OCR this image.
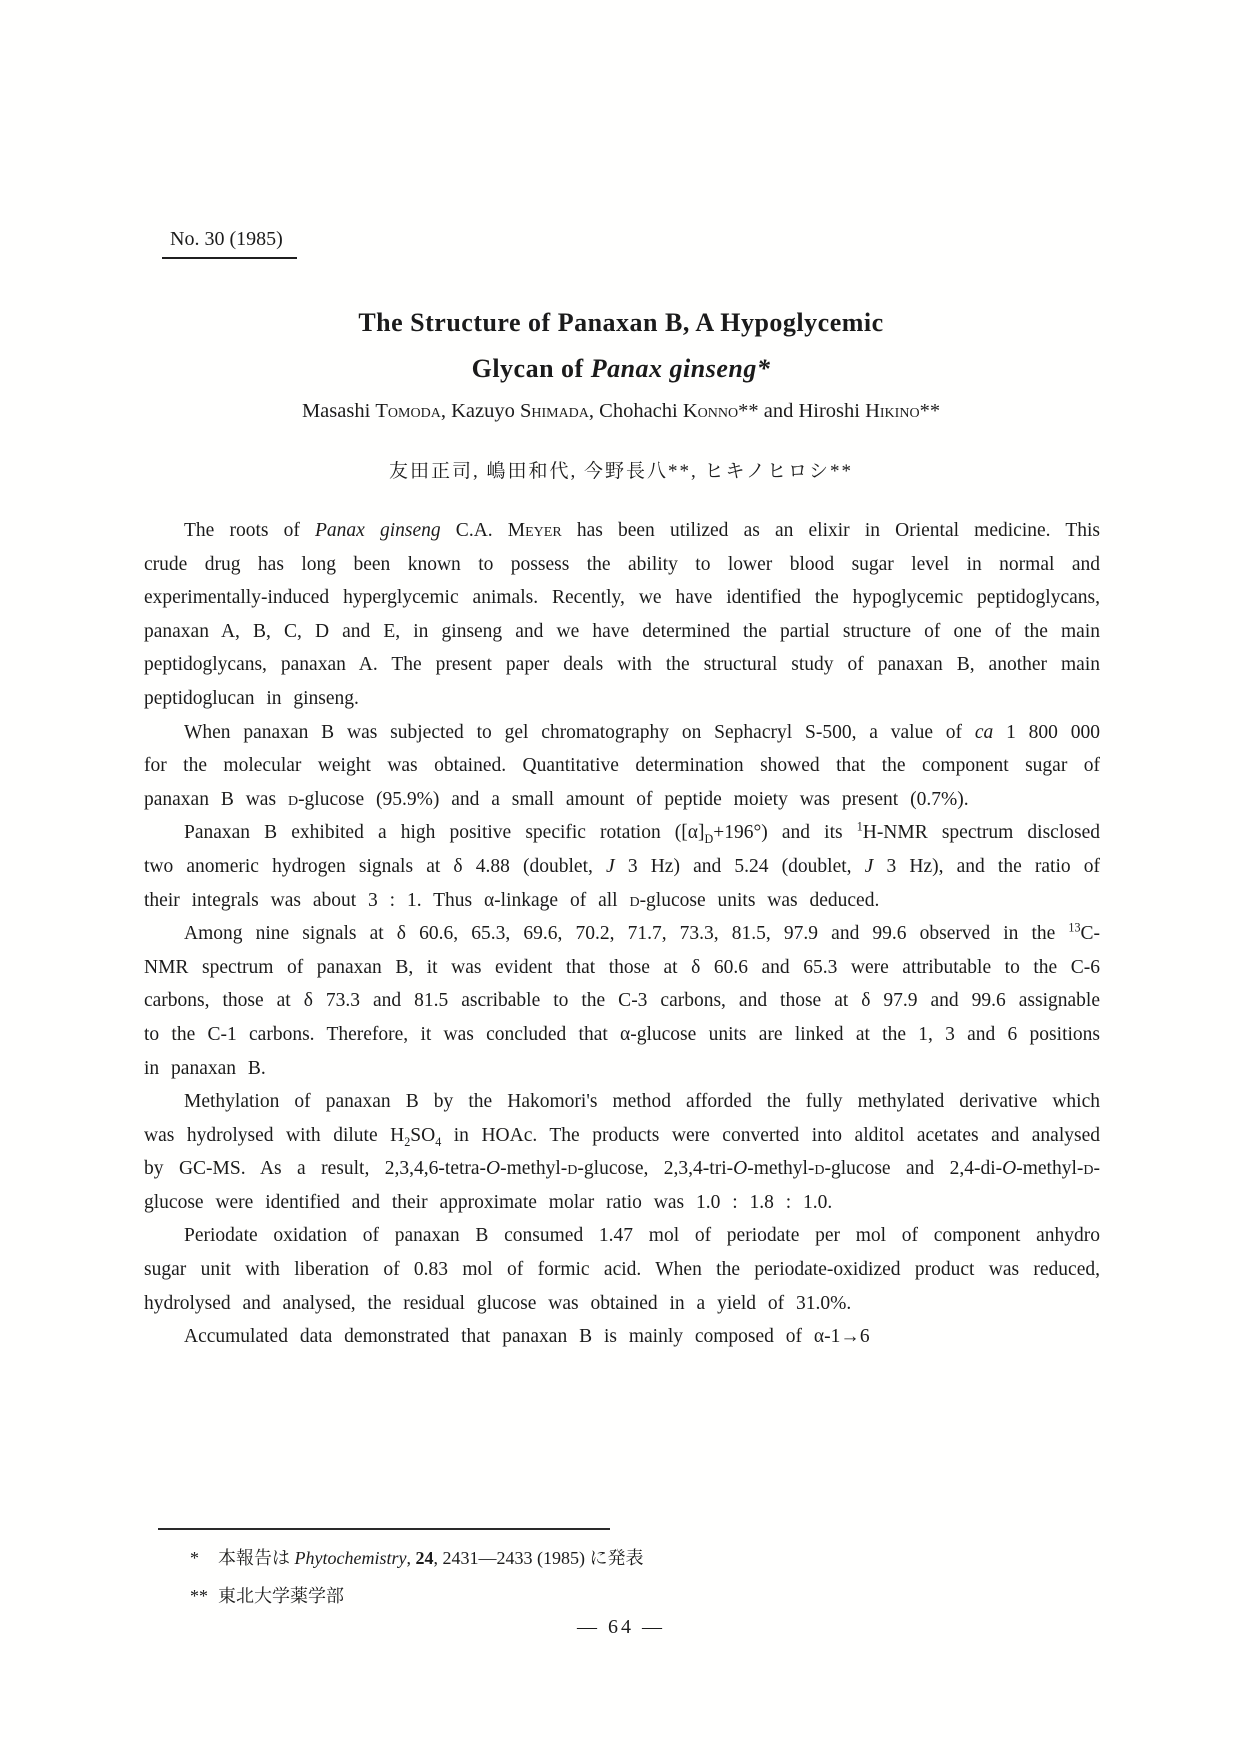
No. 30 (1985)
The Structure of Panaxan B, A Hypoglycemic
Glycan of Panax ginseng*
Masashi Tomoda, Kazuyo Shimada, Chohachi Konno** and Hiroshi Hikino**
友田正司, 嶋田和代, 今野長八**, ヒキノヒロシ**

The roots of Panax ginseng C.A. Meyer has been utilized as an elixir in Oriental medicine. This crude drug has long been known to possess the ability to lower blood sugar level in normal and experimentally-induced hyperglycemic animals. Recently, we have identified the hypoglycemic peptidoglycans, panaxan A, B, C, D and E, in ginseng and we have determined the partial structure of one of the main peptidoglycans, panaxan A. The present paper deals with the structural study of panaxan B, another main peptidoglucan in ginseng.

When panaxan B was subjected to gel chromatography on Sephacryl S-500, a value of ca 1 800 000 for the molecular weight was obtained. Quantitative determination showed that the component sugar of panaxan B was d-glucose (95.9%) and a small amount of peptide moiety was present (0.7%).

Panaxan B exhibited a high positive specific rotation $([\alpha]_D+196^\circ)$ and its $^1$H-NMR spectrum disclosed two anomeric hydrogen signals at δ 4.88 (doublet, J 3 Hz) and 5.24 (doublet, J 3 Hz), and the ratio of their integrals was about 3 : 1. Thus α-linkage of all d-glucose units was deduced.

Among nine signals at δ 60.6, 65.3, 69.6, 70.2, 71.7, 73.3, 81.5, 97.9 and 99.6 observed in the $^{13}$C-NMR spectrum of panaxan B, it was evident that those at δ 60.6 and 65.3 were attributable to the C-6 carbons, those at δ 73.3 and 81.5 ascribable to the C-3 carbons, and those at δ 97.9 and 99.6 assignable to the C-1 carbons. Therefore, it was concluded that α-glucose units are linked at the 1, 3 and 6 positions in panaxan B.

Methylation of panaxan B by the Hakomori's method afforded the fully methylated derivative which was hydrolysed with dilute $H_2SO_4$ in HOAc. The products were converted into alditol acetates and analysed by GC-MS. As a result, 2,3,4,6-tetra-O-methyl-d-glucose, 2,3,4-tri-O-methyl-d-glucose and 2,4-di-O-methyl-d-glucose were identified and their approximate molar ratio was 1.0 : 1.8 : 1.0.

Periodate oxidation of panaxan B consumed 1.47 mol of periodate per mol of component anhydro sugar unit with liberation of 0.83 mol of formic acid. When the periodate-oxidized product was reduced, hydrolysed and analysed, the residual glucose was obtained in a yield of 31.0%.

Accumulated data demonstrated that panaxan B is mainly composed of α-1→6

*	本報告は Phytochemistry, 24, 2431—2433 (1985) に発表
** 東北大学薬学部
— 64 —
